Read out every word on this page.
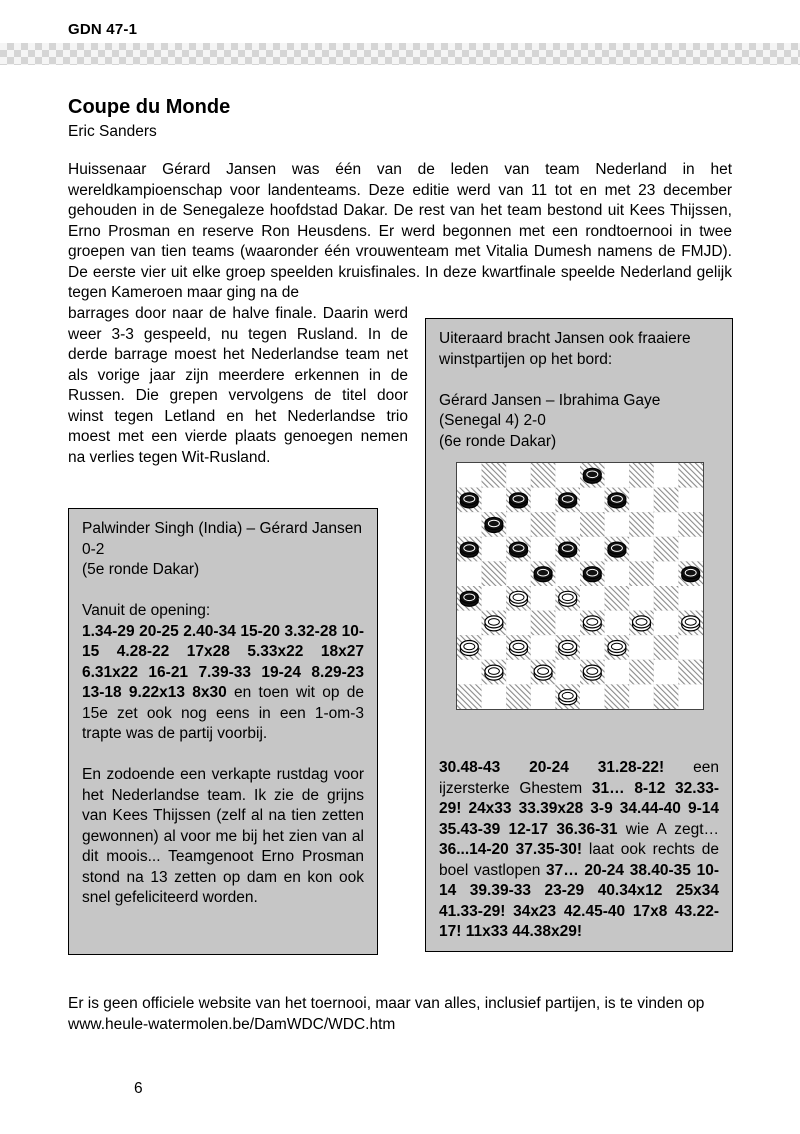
GDN 47-1
Coupe du Monde
Eric Sanders

Huissenaar Gérard Jansen was één van de leden van team Nederland in het wereldkampioenschap voor landenteams. Deze editie werd van 11 tot en met 23 december gehouden in de Senegaleze hoofdstad Dakar. De rest van het team bestond uit Kees Thijssen, Erno Prosman en reserve Ron Heusdens. Er werd begonnen met een rondtoernooi in twee groepen van tien teams (waaronder één vrouwenteam met Vitalia Dumesh namens de FMJD). De eerste vier uit elke groep speelden kruisfinales. In deze kwartfinale speelde Nederland gelijk tegen Kameroen maar ging na de

barrages door naar de halve finale. Daarin werd weer 3-3 gespeeld, nu tegen Rusland. In de derde barrage moest het Nederlandse team net als vorige jaar zijn meerdere erkennen in de Russen. Die grepen vervolgens de titel door winst tegen Letland en het Nederlandse trio moest met een vierde plaats genoegen nemen na verlies tegen Wit-Rusland.

Palwinder Singh (India) – Gérard Jansen 0-2

(5e ronde Dakar)

Vanuit de opening:

1.34-29 20-25 2.40-34 15-20 3.32-28 10-15 4.28-22 17x28 5.33x22 18x27 6.31x22 16-21 7.39-33 19-24 8.29-23 13-18 9.22x13 8x30 en toen wit op de 15e zet ook nog eens in een 1-om-3 trapte was de partij voorbij.

En zodoende een verkapte rustdag voor het Nederlandse team. Ik zie de grijns van Kees Thijssen (zelf al na tien zetten gewonnen) al voor me bij het zien van al dit moois... Teamgenoot Erno Prosman stond na 13 zetten op dam en kon ook snel gefeliciteerd worden.

Uiteraard bracht Jansen ook fraaiere winstpartijen op het bord:

Gérard Jansen – Ibrahima Gaye (Senegal 4) 2-0

(6e ronde Dakar)

30.48-43 20-24 31.28-22! een ijzersterke Ghestem 31… 8-12 32.33-29! 24x33 33.39x28 3-9 34.44-40 9-14 35.43-39 12-17 36.36-31 wie A zegt… 36...14-20 37.35-30! laat ook rechts de boel vastlopen 37… 20-24 38.40-35 10-14 39.39-33 23-29 40.34x12 25x34 41.33-29! 34x23 42.45-40 17x8 43.22-17! 11x33 44.38x29!

Er is geen officiele website van het toernooi, maar van alles, inclusief partijen, is te vinden op www.heule-watermolen.be/DamWDC/WDC.htm

6
